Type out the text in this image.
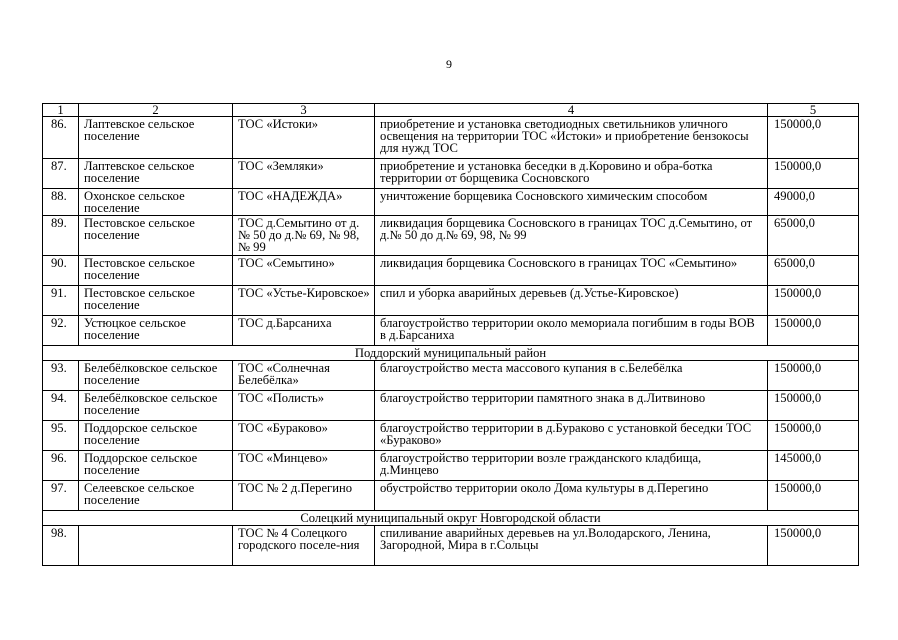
9
1	2	3	4	5
86.	Лаптевское сельское поселение	ТОС «Истоки»	приобретение и установка светодиодных светильников уличного освещения на территории ТОС «Истоки» и приобретение бензокосы для нужд ТОС	150000,0
87.	Лаптевское сельское поселение	ТОС «Земляки»	приобретение и установка беседки в д.Коровино и обра-ботка территории от борщевика Сосновского	150000,0
88.	Охонское сельское поселение	ТОС «НАДЕЖДА»	уничтожение борщевика Сосновского химическим способом	49000,0
89.	Пестовское сельское поселение	ТОС д.Семытино от д.№ 50 до д.№ 69, № 98, № 99	ликвидация борщевика Сосновского в границах ТОС д.Семытино, от д.№ 50 до д.№ 69, 98, № 99	65000,0
90.	Пестовское сельское поселение	ТОС «Семытино»	ликвидация борщевика Сосновского в границах ТОС «Семытино»	65000,0
91.	Пестовское сельское поселение	ТОС «Устье-Кировское»	спил и уборка аварийных деревьев (д.Устье-Кировское)	150000,0
92.	Устюцкое сельское поселение	ТОС д.Барсаниха	благоустройство территории около мемориала погибшим в годы ВОВ в д.Барсаниха	150000,0
Поддорский муниципальный район				
93.	Белебёлковское сельское поселение	ТОС «Солнечная Белебёлка»	благоустройство места массового купания в с.Белебёлка	150000,0
94.	Белебёлковское сельское поселение	ТОС «Полисть»	благоустройство территории памятного знака в д.Литвиново	150000,0
95.	Поддорское сельское поселение	ТОС «Бураково»	благоустройство территории в д.Бураково с установкой беседки ТОС «Бураково»	150000,0
96.	Поддорское сельское поселение	ТОС «Минцево»	благоустройство территории возле гражданского кладбища, д.Минцево	145000,0
97.	Селеевское сельское поселение	ТОС № 2 д.Перегино	обустройство территории около Дома культуры в д.Перегино	150000,0
Солецкий муниципальный округ Новгородской области				
98.		ТОС № 4 Солецкого городского поселе-ния	спиливание аварийных деревьев на ул.Володарского, Ленина, Загородной, Мира в г.Сольцы	150000,0
